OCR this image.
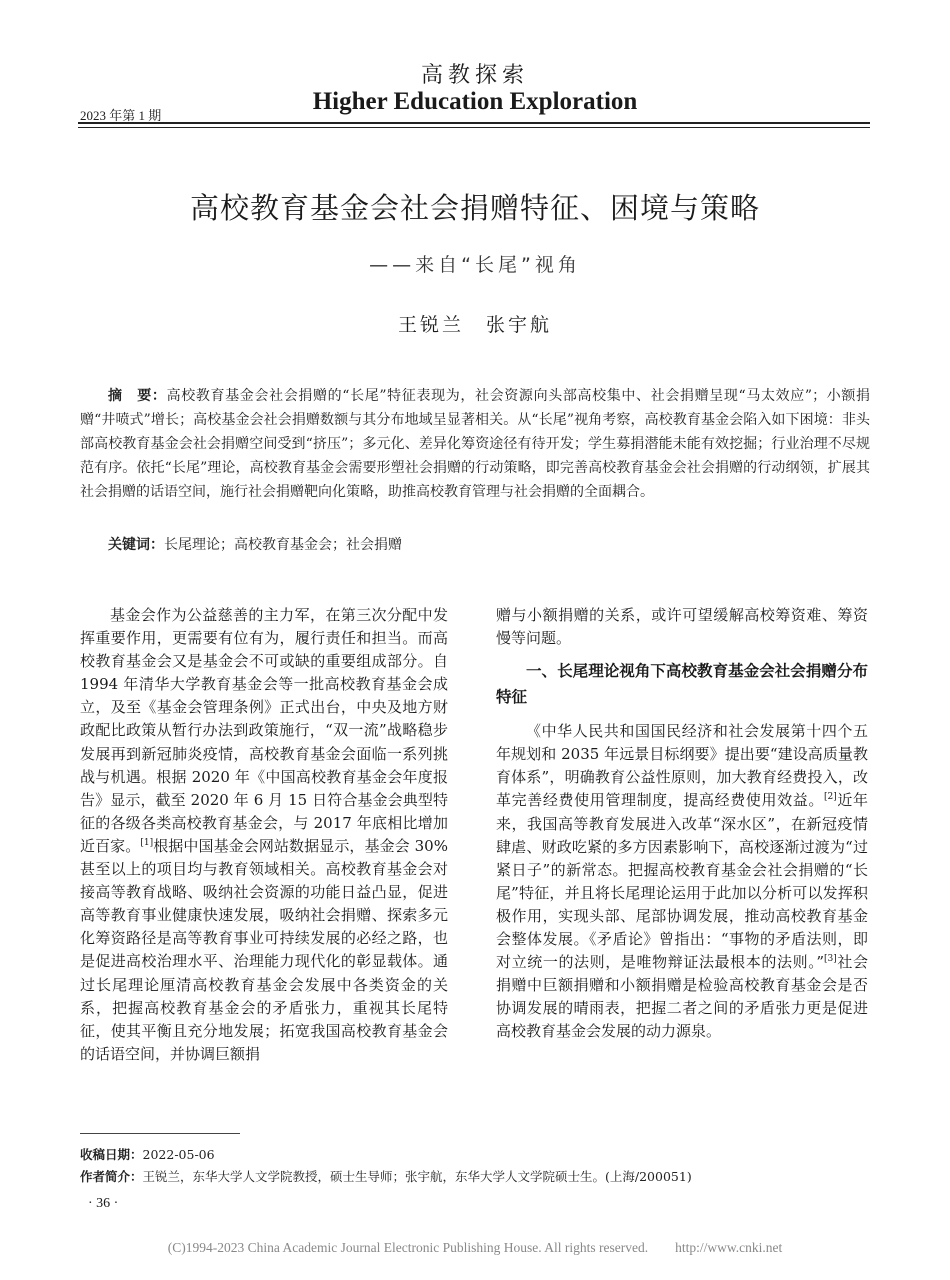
高教探索
2023 年第 1 期
Higher Education Exploration
高校教育基金会社会捐赠特征、困境与策略
——来自“长尾”视角
王锐兰　张宇航
摘　要：高校教育基金会社会捐赠的“长尾”特征表现为，社会资源向头部高校集中、社会捐赠呈现“马太效应”；小额捐赠“井喷式”增长；高校基金会社会捐赠数额与其分布地域呈显著相关。从“长尾”视角考察，高校教育基金会陷入如下困境：非头部高校教育基金会社会捐赠空间受到“挤压”；多元化、差异化筹资途径有待开发；学生募捐潜能未能有效挖掘；行业治理不尽规范有序。依托“长尾”理论，高校教育基金会需要形塑社会捐赠的行动策略，即完善高校教育基金会社会捐赠的行动纲领，扩展其社会捐赠的话语空间，施行社会捐赠靶向化策略，助推高校教育管理与社会捐赠的全面耦合。
关键词：长尾理论；高校教育基金会；社会捐赠

基金会作为公益慈善的主力军，在第三次分配中发挥重要作用，更需要有位有为，履行责任和担当。而高校教育基金会又是基金会不可或缺的重要组成部分。自 1994 年清华大学教育基金会等一批高校教育基金会成立，及至《基金会管理条例》正式出台，中央及地方财政配比政策从暂行办法到政策施行，“双一流”战略稳步发展再到新冠肺炎疫情，高校教育基金会面临一系列挑战与机遇。根据 2020 年《中国高校教育基金会年度报告》显示，截至 2020 年 6 月 15 日符合基金会典型特征的各级各类高校教育基金会，与 2017 年底相比增加近百家。[1]根据中国基金会网站数据显示，基金会 30% 甚至以上的项目均与教育领域相关。高校教育基金会对接高等教育战略、吸纳社会资源的功能日益凸显，促进高等教育事业健康快速发展，吸纳社会捐赠、探索多元化筹资路径是高等教育事业可持续发展的必经之路，也是促进高校治理水平、治理能力现代化的彰显载体。通过长尾理论厘清高校教育基金会发展中各类资金的关系，把握高校教育基金会的矛盾张力，重视其长尾特征，使其平衡且充分地发展；拓宽我国高校教育基金会的话语空间，并协调巨额捐

赠与小额捐赠的关系，或许可望缓解高校筹资难、筹资慢等问题。

一、长尾理论视角下高校教育基金会社会捐赠分布特征

《中华人民共和国国民经济和社会发展第十四个五年规划和 2035 年远景目标纲要》提出要“建设高质量教育体系”，明确教育公益性原则，加大教育经费投入，改革完善经费使用管理制度，提高经费使用效益。[2]近年来，我国高等教育发展进入改革“深水区”，在新冠疫情肆虐、财政吃紧的多方因素影响下，高校逐渐过渡为“过紧日子”的新常态。把握高校教育基金会社会捐赠的“长尾”特征，并且将长尾理论运用于此加以分析可以发挥积极作用，实现头部、尾部协调发展，推动高校教育基金会整体发展。《矛盾论》曾指出：“事物的矛盾法则，即对立统一的法则，是唯物辩证法最根本的法则。”[3]社会捐赠中巨额捐赠和小额捐赠是检验高校教育基金会是否协调发展的晴雨表，把握二者之间的矛盾张力更是促进高校教育基金会发展的动力源泉。

收稿日期：2022-05-06
作者简介：王锐兰，东华大学人文学院教授，硕士生导师；张宇航，东华大学人文学院硕士生。(上海/200051)
· 36 ·
(C)1994-2023 China Academic Journal Electronic Publishing House. All rights reserved.　　http://www.cnki.net
